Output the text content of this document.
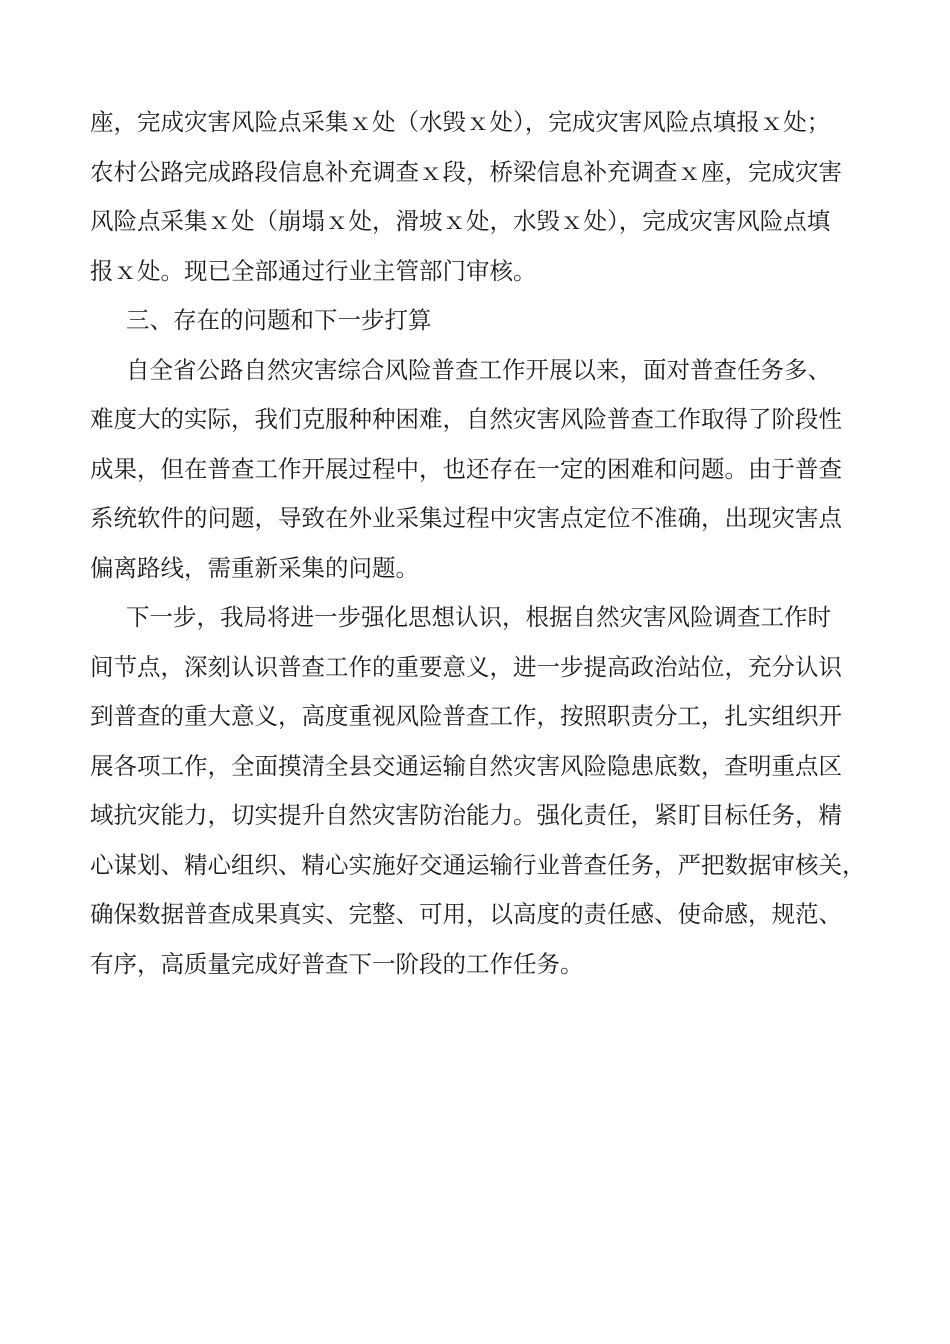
座，完成灾害风险点采集ｘ处（水毁ｘ处），完成灾害风险点填报ｘ处；
农村公路完成路段信息补充调查ｘ段，桥梁信息补充调查ｘ座，完成灾害
风险点采集ｘ处（崩塌ｘ处，滑坡ｘ处，水毁ｘ处），完成灾害风险点填
报ｘ处。现已全部通过行业主管部门审核。
三、存在的问题和下一步打算
自全省公路自然灾害综合风险普查工作开展以来，面对普查任务多、
难度大的实际，我们克服种种困难，自然灾害风险普查工作取得了阶段性
成果，但在普查工作开展过程中，也还存在一定的困难和问题。由于普查
系统软件的问题，导致在外业采集过程中灾害点定位不准确，出现灾害点
偏离路线，需重新采集的问题。
下一步，我局将进一步强化思想认识，根据自然灾害风险调查工作时
间节点，深刻认识普查工作的重要意义，进一步提高政治站位，充分认识
到普查的重大意义，高度重视风险普查工作，按照职责分工，扎实组织开
展各项工作，全面摸清全县交通运输自然灾害风险隐患底数，查明重点区
域抗灾能力，切实提升自然灾害防治能力。强化责任，紧盯目标任务，精
心谋划、精心组织、精心实施好交通运输行业普查任务，严把数据审核关，
确保数据普查成果真实、完整、可用，以高度的责任感、使命感，规范、
有序，高质量完成好普查下一阶段的工作任务。
